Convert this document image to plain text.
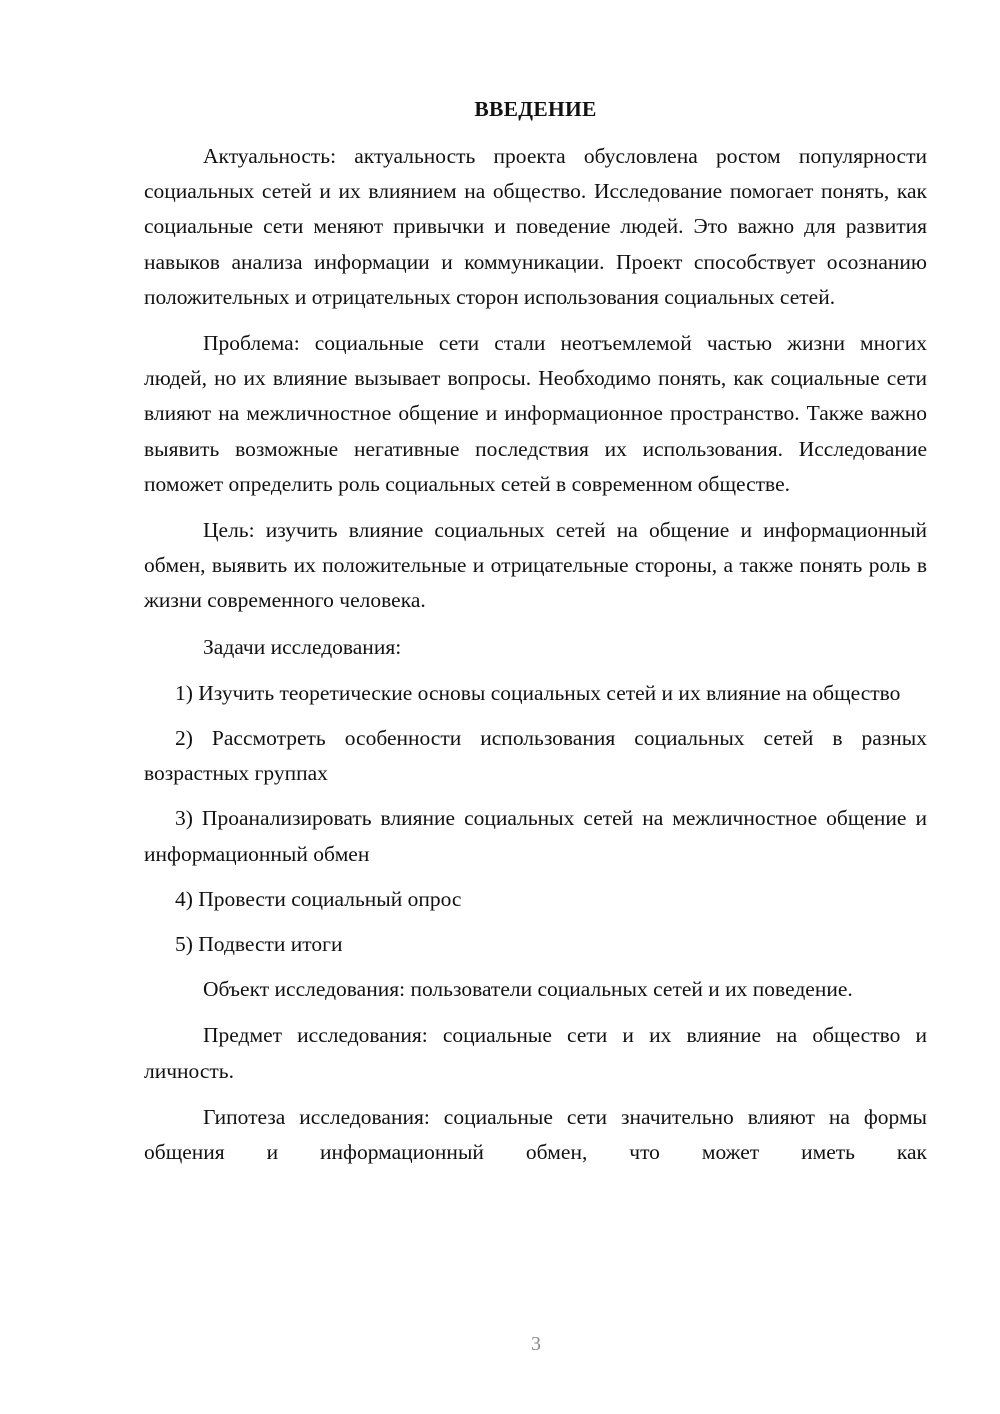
ВВЕДЕНИЕ

Актуальность: актуальность проекта обусловлена ростом популярности социальных сетей и их влиянием на общество. Исследование помогает понять, как социальные сети меняют привычки и поведение людей. Это важно для развития навыков анализа информации и коммуникации. Проект способствует осознанию положительных и отрицательных сторон использования социальных сетей.

Проблема: социальные сети стали неотъемлемой частью жизни многих людей, но их влияние вызывает вопросы. Необходимо понять, как социальные сети влияют на межличностное общение и информационное пространство. Также важно выявить возможные негативные последствия их использования. Исследование поможет определить роль социальных сетей в современном обществе.

Цель: изучить влияние социальных сетей на общение и информационный обмен, выявить их положительные и отрицательные стороны, а также понять роль в жизни современного человека.

Задачи исследования:

1) Изучить теоретические основы социальных сетей и их влияние на общество

2) Рассмотреть особенности использования социальных сетей в разных возрастных группах

3) Проанализировать влияние социальных сетей на межличностное общение и информационный обмен

4) Провести социальный опрос

5) Подвести итоги

Объект исследования: пользователи социальных сетей и их поведение.

Предмет исследования: социальные сети и их влияние на общество и личность.

Гипотеза исследования: социальные сети значительно влияют на формы общения и информационный обмен, что может иметь как

3
